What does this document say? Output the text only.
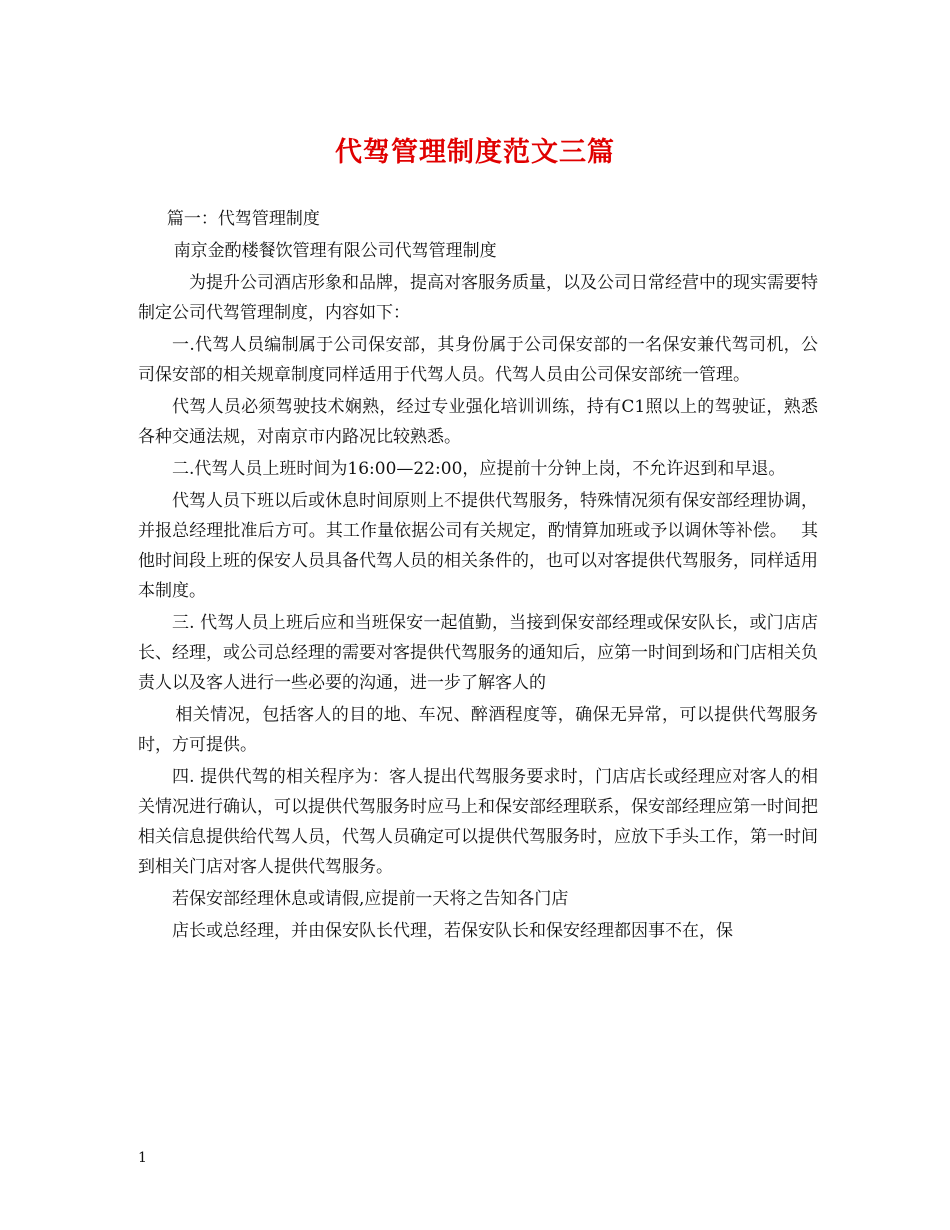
代驾管理制度范文三篇

篇一：代驾管理制度

南京金酌楼餐饮管理有限公司代驾管理制度

为提升公司酒店形象和品牌，提高对客服务质量，以及公司日常经营中的现实需要特制定公司代驾管理制度，内容如下：

一.代驾人员编制属于公司保安部，其身份属于公司保安部的一名保安兼代驾司机，公司保安部的相关规章制度同样适用于代驾人员。代驾人员由公司保安部统一管理。

代驾人员必须驾驶技术娴熟，经过专业强化培训训练，持有C1照以上的驾驶证，熟悉各种交通法规，对南京市内路况比较熟悉。

二.代驾人员上班时间为16:00—22:00，应提前十分钟上岗，不允许迟到和早退。

代驾人员下班以后或休息时间原则上不提供代驾服务，特殊情况须有保安部经理协调，并报总经理批准后方可。其工作量依据公司有关规定，酌情算加班或予以调休等补偿。　 其他时间段上班的保安人员具备代驾人员的相关条件的，也可以对客提供代驾服务，同样适用本制度。

三. 代驾人员上班后应和当班保安一起值勤，当接到保安部经理或保安队长，或门店店长、经理，或公司总经理的需要对客提供代驾服务的通知后，应第一时间到场和门店相关负责人以及客人进行一些必要的沟通，进一步了解客人的

相关情况，包括客人的目的地、车况、醉酒程度等，确保无异常，可以提供代驾服务时，方可提供。

四. 提供代驾的相关程序为：客人提出代驾服务要求时，门店店长或经理应对客人的相关情况进行确认，可以提供代驾服务时应马上和保安部经理联系，保安部经理应第一时间把相关信息提供给代驾人员，代驾人员确定可以提供代驾服务时，应放下手头工作，第一时间到相关门店对客人提供代驾服务。

若保安部经理休息或请假,应提前一天将之告知各门店

店长或总经理，并由保安队长代理，若保安队长和保安经理都因事不在，保

1
